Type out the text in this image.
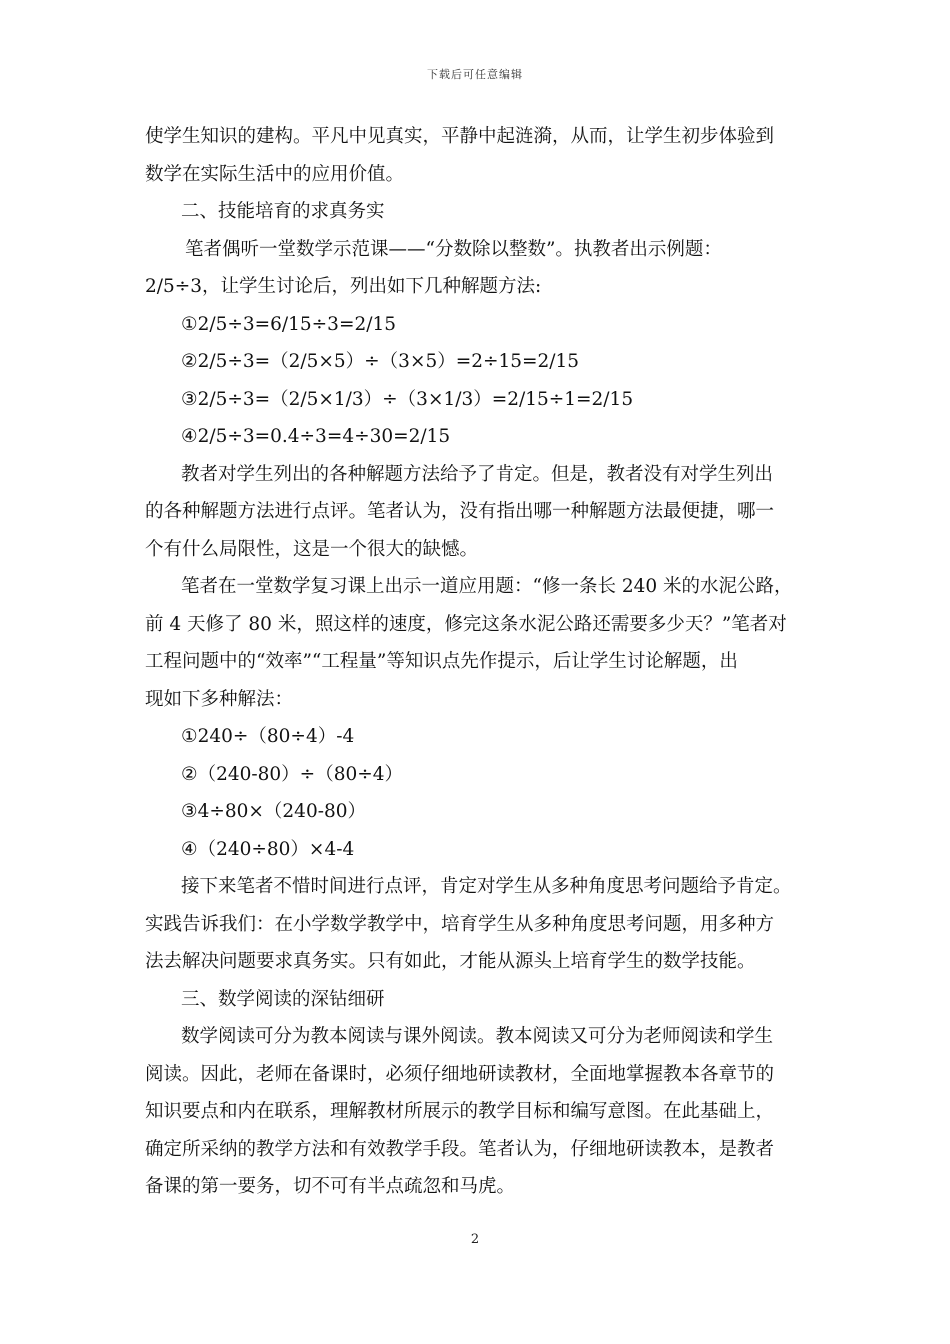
下载后可任意编辑

使学生知识的建构。平凡中见真实，平静中起涟漪，从而，让学生初步体验到

数学在实际生活中的应用价值。

二、技能培育的求真务实

笔者偶听一堂数学示范课——“分数除以整数”。执教者出示例题：

2/5÷3，让学生讨论后，列出如下几种解题方法:

①2/5÷3=6/15÷3=2/15

②2/5÷3=（2/5×5）÷（3×5）=2÷15=2/15

③2/5÷3=（2/5×1/3）÷（3×1/3）=2/15÷1=2/15

④2/5÷3=0.4÷3=4÷30=2/15

教者对学生列出的各种解题方法给予了肯定。但是，教者没有对学生列出

的各种解题方法进行点评。笔者认为，没有指出哪一种解题方法最便捷，哪一

个有什么局限性，这是一个很大的缺憾。

笔者在一堂数学复习课上出示一道应用题：“修一条长 240 米的水泥公路，

前 4 天修了 80 米，照这样的速度，修完这条水泥公路还需要多少天？”笔者对

工程问题中的“效率”“工程量”等知识点先作提示，后让学生讨论解题，出

现如下多种解法：

①240÷（80÷4）-4

②（240-80）÷（80÷4）

③4÷80×（240-80）

④（240÷80）×4-4

接下来笔者不惜时间进行点评，肯定对学生从多种角度思考问题给予肯定。

实践告诉我们：在小学数学教学中，培育学生从多种角度思考问题，用多种方

法去解决问题要求真务实。只有如此，才能从源头上培育学生的数学技能。

三、数学阅读的深钻细研

数学阅读可分为教本阅读与课外阅读。教本阅读又可分为老师阅读和学生

阅读。因此，老师在备课时，必须仔细地研读教材，全面地掌握教本各章节的

知识要点和内在联系，理解教材所展示的教学目标和编写意图。在此基础上，

确定所采纳的教学方法和有效教学手段。笔者认为，仔细地研读教本，是教者

备课的第一要务，切不可有半点疏忽和马虎。

2
